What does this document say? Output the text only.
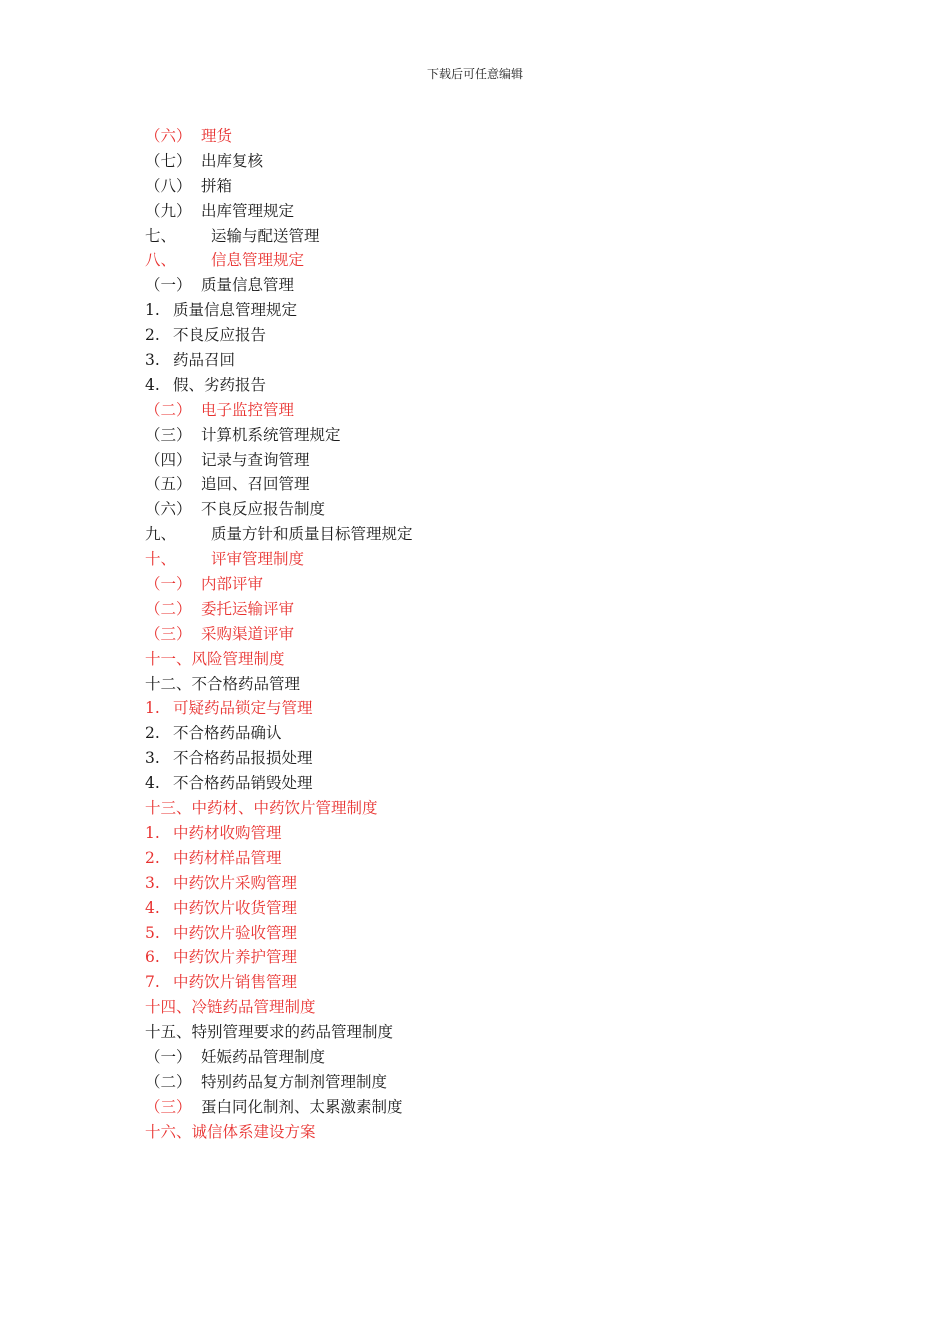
下载后可任意编辑
（六） 理货
（七） 出库复核
（八） 拼箱
（九） 出库管理规定
七、 运输与配送管理
八、 信息管理规定
（一） 质量信息管理
1. 质量信息管理规定
2. 不良反应报告
3. 药品召回
4. 假、劣药报告
（二） 电子监控管理
（三） 计算机系统管理规定
（四） 记录与查询管理
（五） 追回、召回管理
（六） 不良反应报告制度
九、 质量方针和质量目标管理规定
十、 评审管理制度
（一） 内部评审
（二） 委托运输评审
（三） 采购渠道评审
十一、风险管理制度
十二、不合格药品管理
1. 可疑药品锁定与管理
2. 不合格药品确认
3. 不合格药品报损处理
4. 不合格药品销毁处理
十三、中药材、中药饮片管理制度
1. 中药材收购管理
2. 中药材样品管理
3. 中药饮片采购管理
4. 中药饮片收货管理
5. 中药饮片验收管理
6. 中药饮片养护管理
7. 中药饮片销售管理
十四、冷链药品管理制度
十五、特别管理要求的药品管理制度
（一） 妊娠药品管理制度
（二） 特别药品复方制剂管理制度
（三） 蛋白同化制剂、太累激素制度
十六、诚信体系建设方案
